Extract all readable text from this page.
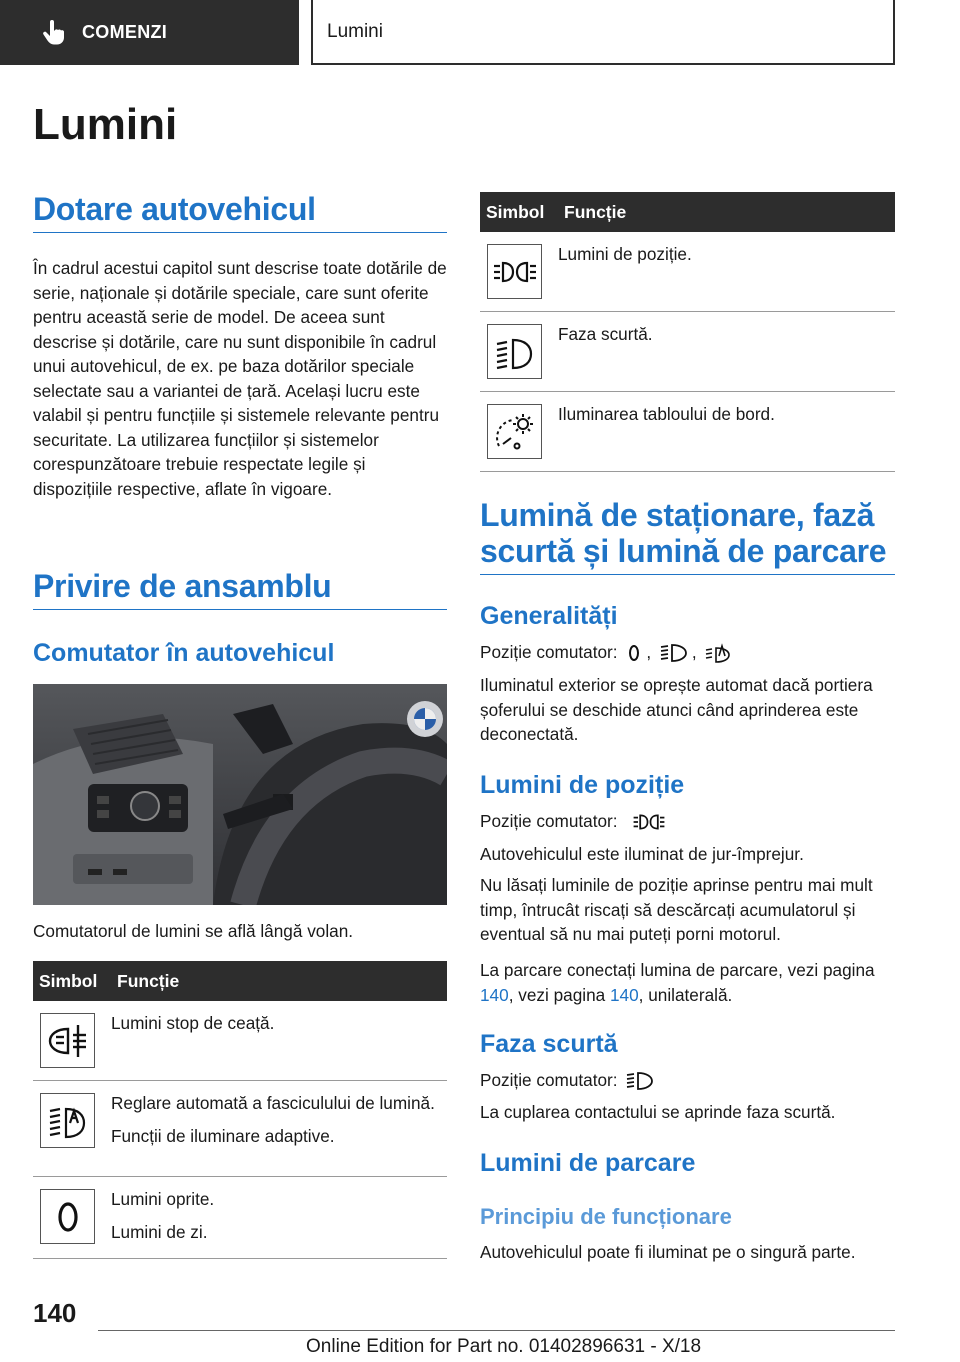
COMENZI	Lumini
Lumini
Dotare autovehicul
În cadrul acestui capitol sunt descrise toate dotările de serie, naționale și dotările speciale, care sunt oferite pentru această serie de model. De aceea sunt descrise și dotările, care nu sunt disponibile în cadrul unui autovehicul, de ex. pe baza dotărilor speciale selectate sau a variantei de țară. Același lucru este valabil și pentru funcțiile și sistemele relevante pentru securitate. La utilizarea funcțiilor și sistemelor corespunzătoare trebuie respectate legile și dispozițiile respective, aflate în vigoare.
Privire de ansamblu
Comutator în autovehicul
Comutatorul de lumini se află lângă volan.
Simbol	Funcție

Lumini stop de ceață.

Reglare automată a fasciculului de lumină.
Funcții de iluminare adaptive.

Lumini oprite.
Lumini de zi.
Simbol	Funcție

Lumini de poziție.

Faza scurtă.

Iluminarea tabloului de bord.
Lumină de staționare, fază scurtă și lumină de parcare
Generalități
Poziție comutator: , ,
Iluminatul exterior se oprește automat dacă portiera șoferului se deschide atunci când aprinderea este deconectată.
Lumini de poziție
Poziție comutator:
Autovehiculul este iluminat de jur-împrejur.
Nu lăsați luminile de poziție aprinse pentru mai mult timp, întrucât riscați să descărcați acumulatorul și eventual să nu mai puteți porni motorul.
La parcare conectați lumina de parcare, vezi pagina 140, vezi pagina 140, unilaterală.
Faza scurtă
Poziție comutator:
La cuplarea contactului se aprinde faza scurtă.
Lumini de parcare
Principiu de funcționare
Autovehiculul poate fi iluminat pe o singură parte.
140
Online Edition for Part no. 01402896631 - X/18
